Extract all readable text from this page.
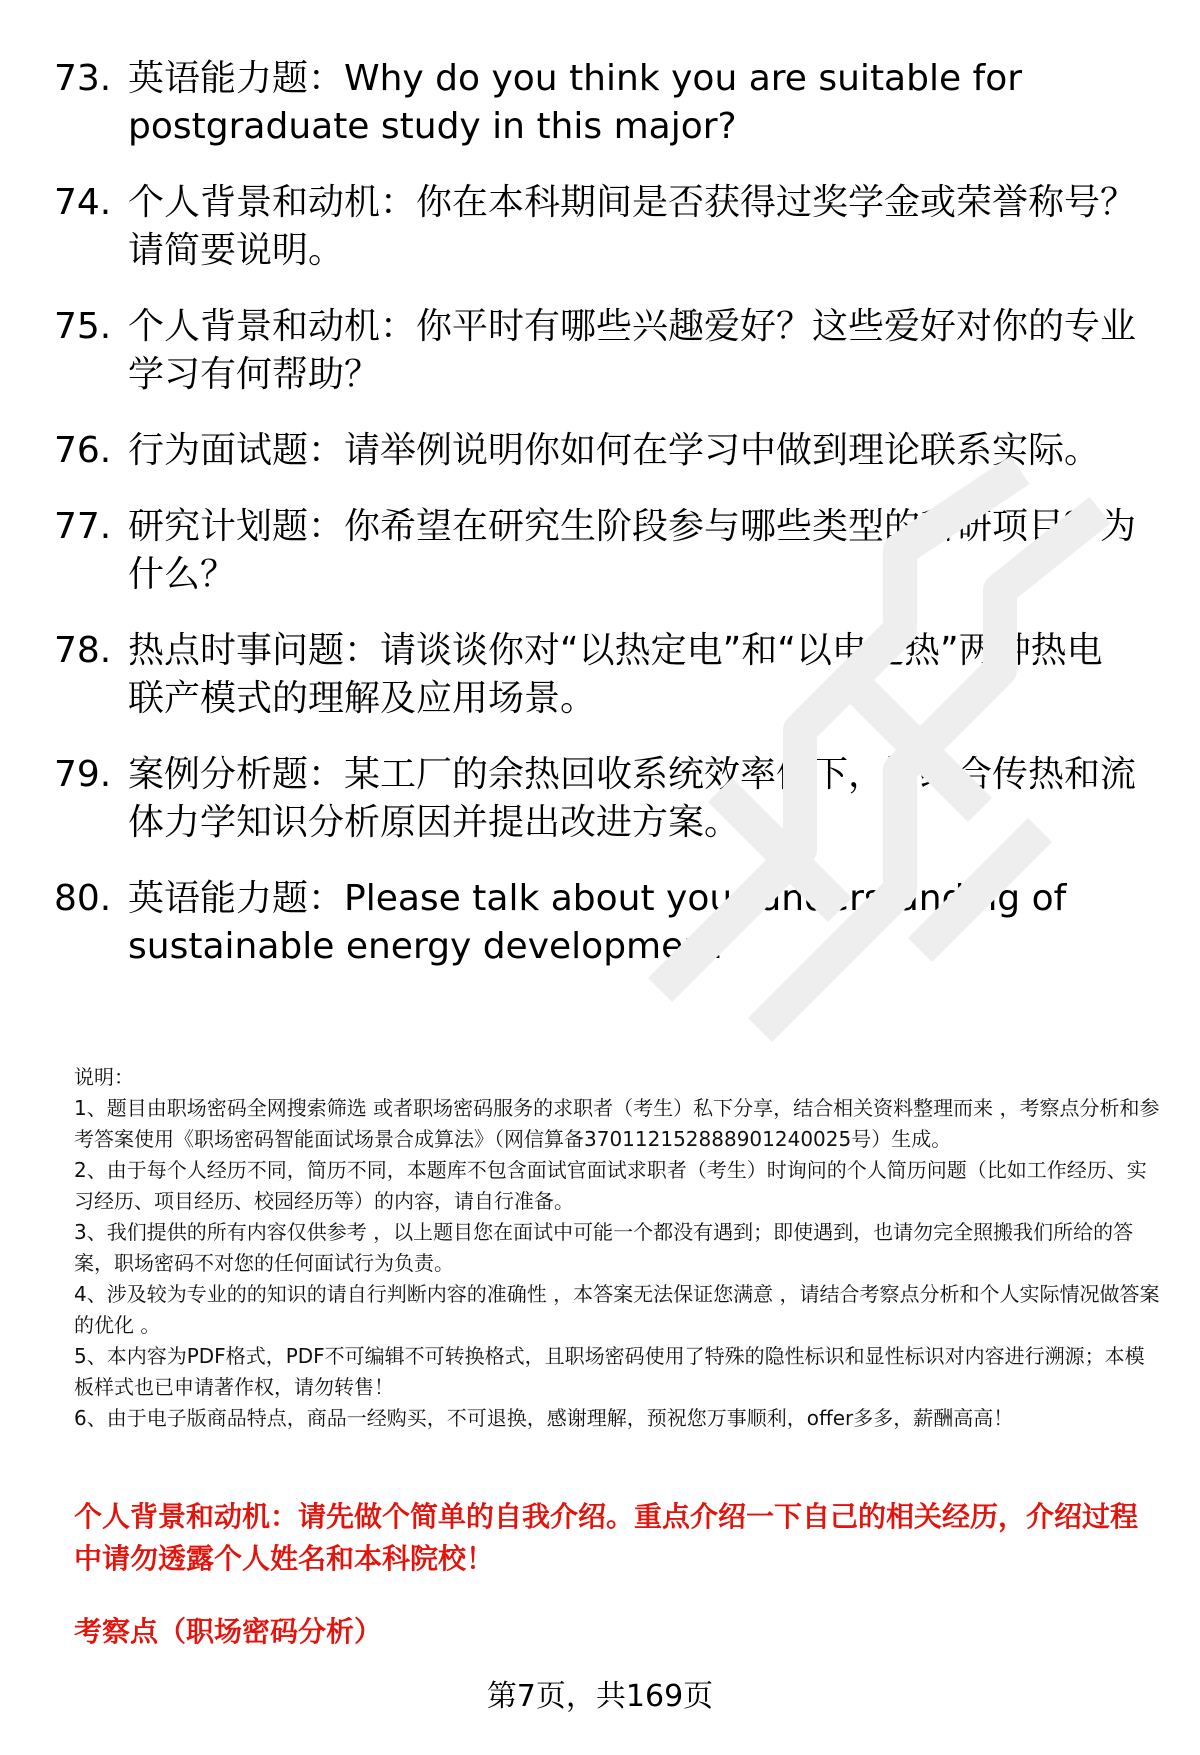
73. 英语能力题：Why do you think you are suitable for postgraduate study in this major?
74. 个人背景和动机：你在本科期间是否获得过奖学金或荣誉称号？请简要说明。
75. 个人背景和动机：你平时有哪些兴趣爱好？这些爱好对你的专业学习有何帮助？
76. 行为面试题：请举例说明你如何在学习中做到理论联系实际。
77. 研究计划题：你希望在研究生阶段参与哪些类型的科研项目？为什么？
78. 热点时事问题：请谈谈你对“以热定电”和“以电定热”两种热电联产模式的理解及应用场景。
79. 案例分析题：某工厂的余热回收系统效率低下，请结合传热和流体力学知识分析原因并提出改进方案。
80. 英语能力题：Please talk about your understanding of sustainable energy development

说明：

1、题目由职场密码全网搜索筛选 或者职场密码服务的求职者（考生）私下分享，结合相关资料整理而来 ，考察点分析和参考答案使用《职场密码智能面试场景合成算法》（网信算备370112152888901240025号）生成。

2、由于每个人经历不同，简历不同，本题库不包含面试官面试求职者（考生）时询问的个人简历问题（比如工作经历、实习经历、项目经历、校园经历等）的内容，请自行准备。

3、我们提供的所有内容仅供参考 ，以上题目您在面试中可能一个都没有遇到；即使遇到，也请勿完全照搬我们所给的答案，职场密码不对您的任何面试行为负责。

4、涉及较为专业的的知识的请自行判断内容的准确性 ，本答案无法保证您满意 ，请结合考察点分析和个人实际情况做答案的优化 。

5、本内容为PDF格式，PDF不可编辑不可转换格式，且职场密码使用了特殊的隐性标识和显性标识对内容进行溯源；本模板样式也已申请著作权，请勿转售！

6、由于电子版商品特点，商品一经购买，不可退换，感谢理解，预祝您万事顺利，offer多多，薪酬高高！

个人背景和动机：请先做个简单的自我介绍。重点介绍一下自己的相关经历，介绍过程中请勿透露个人姓名和本科院校！
考察点（职场密码分析）
第7页，共169页
